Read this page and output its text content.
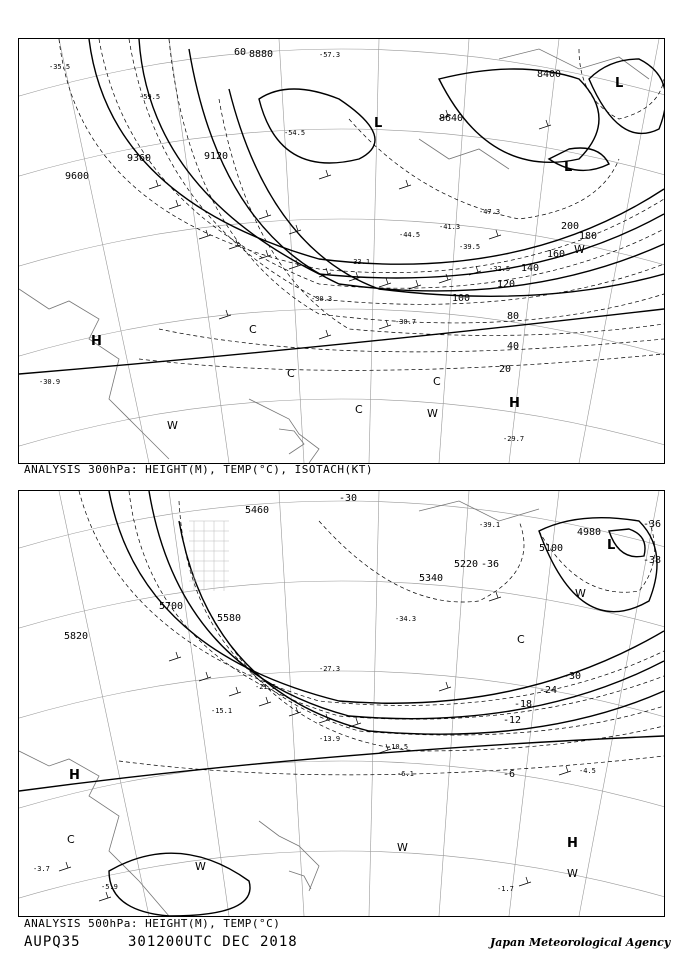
8880
9120
9360
9600
8640
8400
20
40
60
80
100
120
140
160
180
200
L
L
L
H
H
C
C
C
C
W
W
W
-57.3
-59.5
-54.5
-47.3
-44.5
-41.3
-39.5
-35.5
-33.1
-30.9
-29.7
-30.7
-32.5
-30.3
ANALYSIS 300hPa: HEIGHT(M), TEMP(°C), ISOTACH(KT)
5700
5580
5820
5340
5220
5100
4980
5460
-36
-30
-24
-18
-12
-6
-36
-30
-38
L
H
H
C
C
W
W
W
W
-39.1
-34.3
-27.3
-21.5
-15.1
-13.9
-10.5
-6.1	-4.5
-1.7
-5.9
-3.7
ANALYSIS 500hPa: HEIGHT(M), TEMP(°C)
AUPQ35	301200UTC DEC 2018	Japan Meteorological Agency
